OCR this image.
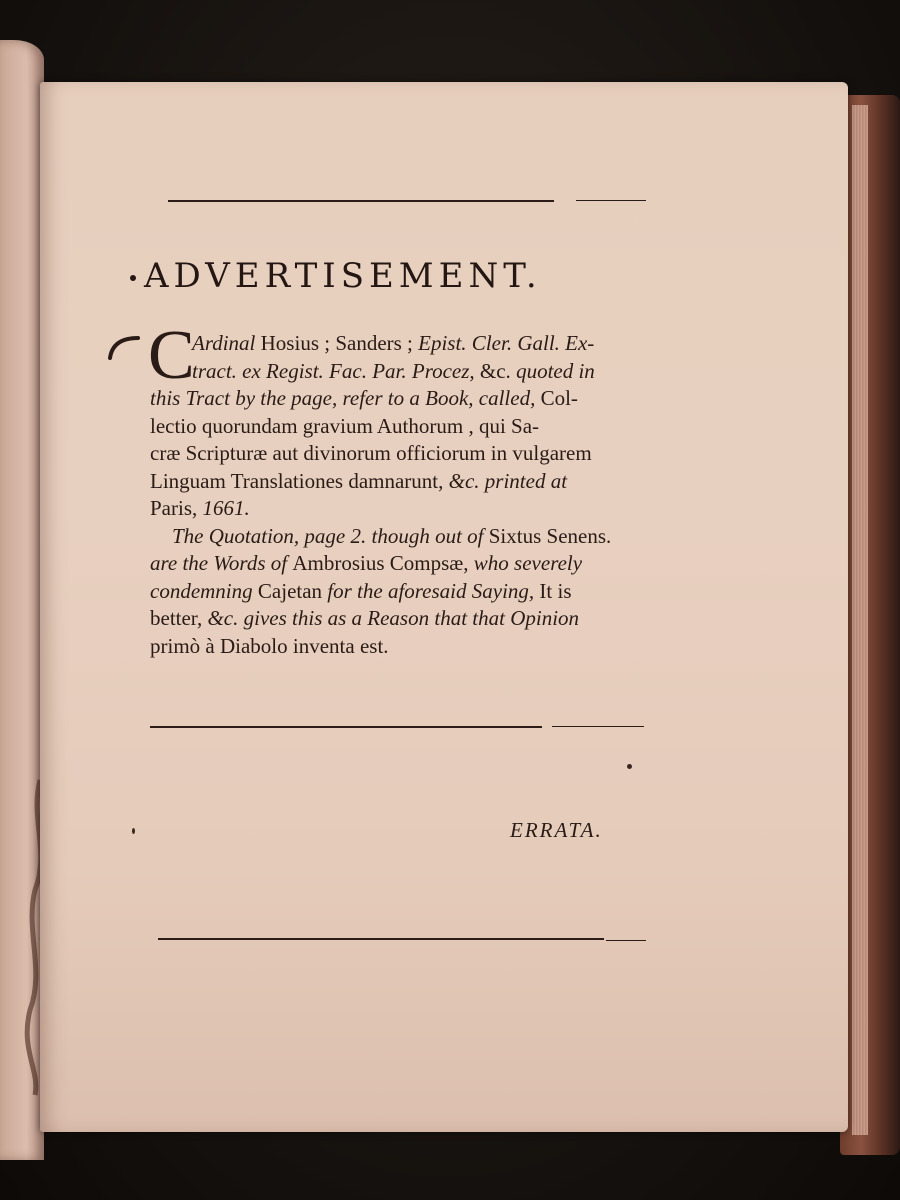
ADVERTISEMENT.
C
Ardinal Hosius ; Sanders ; Epist. Cler. Gall. Ex-
tract. ex Regist. Fac. Par. Procez, &c. quoted in
this Tract by the page, refer to a Book, called, Col-
lectio quorundam gravium Authorum , qui Sa-
cræ Scripturæ aut divinorum officiorum in vulgarem
Linguam Translationes damnarunt, &c. printed at
Paris, 1661.
The Quotation, page 2. though out of Sixtus Senens.
are the Words of Ambrosius Compsæ, who severely
condemning Cajetan for the aforesaid Saying, It is
better, &c. gives this as a Reason that that Opinion
primò à Diabolo inventa est.
ERRATA.
